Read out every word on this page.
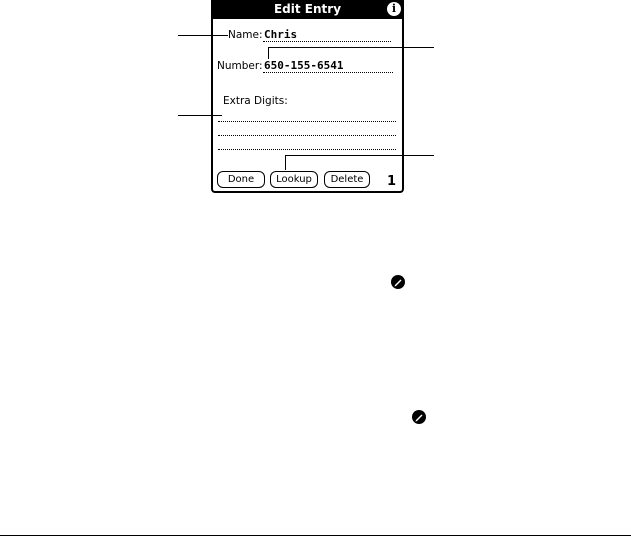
Edit Entry	i
Name: Chris
Number: 650-155-6541
Extra Digits:
Done	Lookup	Delete	1
